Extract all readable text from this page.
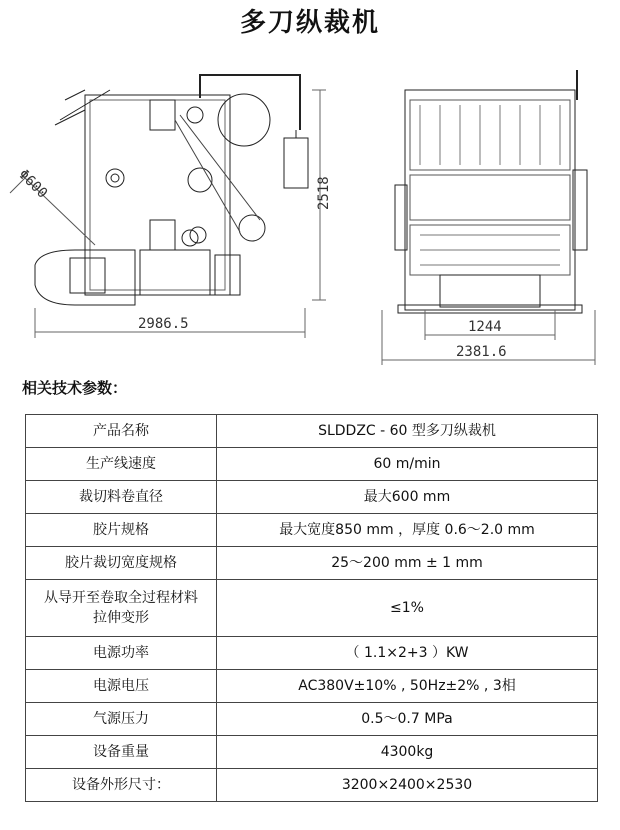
多刀纵裁机
Φ600	2518
2986.5	1244
2381.6
相关技术参数：
产品名称	SLDDZC - 60 型多刀纵裁机
生产线速度	60 m/min
裁切料卷直径	最大600 mm
胶片规格	最大宽度850 mm ，厚度 0.6～2.0 mm
胶片裁切宽度规格	25～200 mm ± 1 mm

从导开至卷取全过程材料
拉伸变形	≤1%
电源功率	（ 1.1×2+3 ）KW
电源电压	AC380V±10% , 50Hz±2% , 3相
气源压力	0.5～0.7 MPa
设备重量	4300kg
设备外形尺寸：	3200×2400×2530
